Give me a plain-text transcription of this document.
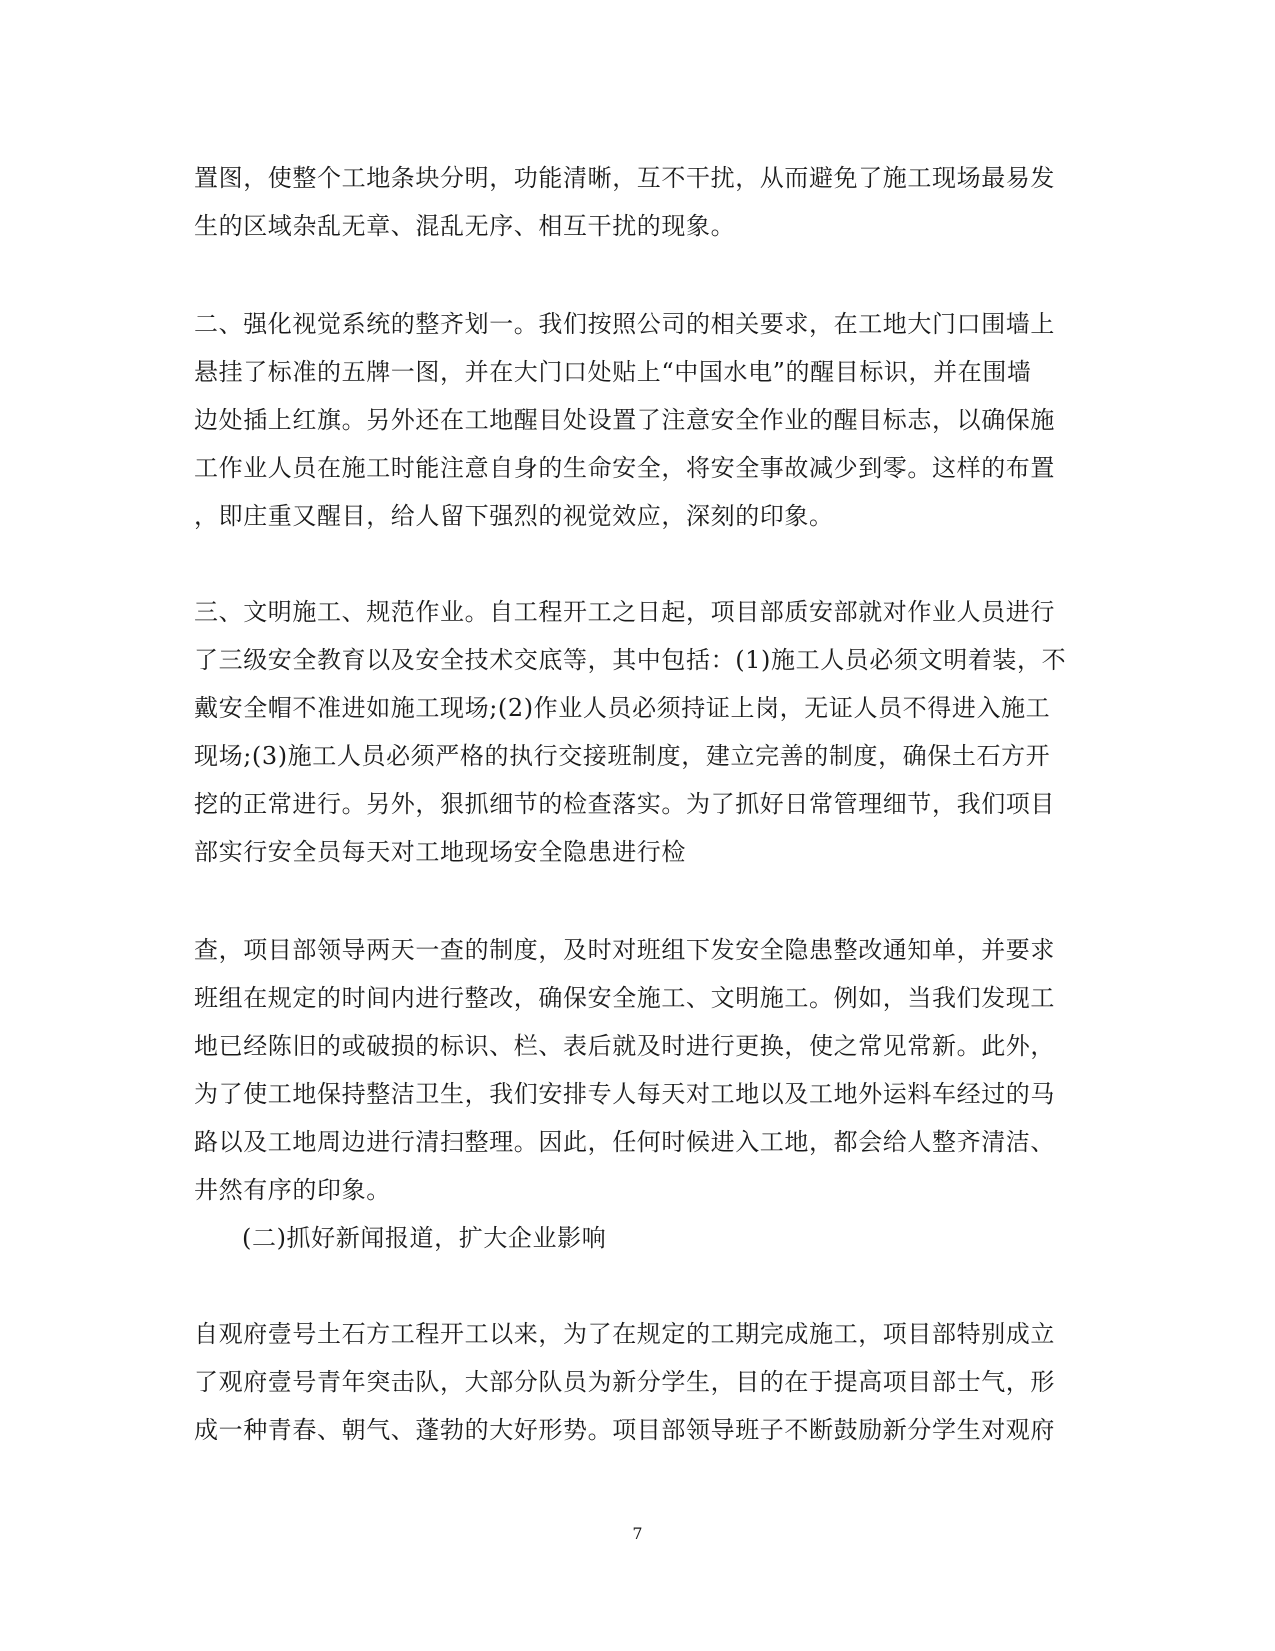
置图，使整个工地条块分明，功能清晰，互不干扰，从而避免了施工现场最易发
生的区域杂乱无章、混乱无序、相互干扰的现象。
二、强化视觉系统的整齐划一。我们按照公司的相关要求，在工地大门口围墙上
悬挂了标准的五牌一图，并在大门口处贴上“中国水电”的醒目标识，并在围墙
边处插上红旗。另外还在工地醒目处设置了注意安全作业的醒目标志，以确保施
工作业人员在施工时能注意自身的生命安全，将安全事故减少到零。这样的布置
，即庄重又醒目，给人留下强烈的视觉效应，深刻的印象。
三、文明施工、规范作业。自工程开工之日起，项目部质安部就对作业人员进行
了三级安全教育以及安全技术交底等，其中包括：(1)施工人员必须文明着装，不
戴安全帽不准进如施工现场;(2)作业人员必须持证上岗，无证人员不得进入施工
现场;(3)施工人员必须严格的执行交接班制度，建立完善的制度，确保土石方开
挖的正常进行。另外，狠抓细节的检查落实。为了抓好日常管理细节，我们项目
部实行安全员每天对工地现场安全隐患进行检
查，项目部领导两天一查的制度，及时对班组下发安全隐患整改通知单，并要求
班组在规定的时间内进行整改，确保安全施工、文明施工。例如，当我们发现工
地已经陈旧的或破损的标识、栏、表后就及时进行更换，使之常见常新。此外，
为了使工地保持整洁卫生，我们安排专人每天对工地以及工地外运料车经过的马
路以及工地周边进行清扫整理。因此，任何时候进入工地，都会给人整齐清洁、
井然有序的印象。
(二)抓好新闻报道，扩大企业影响
自观府壹号土石方工程开工以来，为了在规定的工期完成施工，项目部特别成立
了观府壹号青年突击队，大部分队员为新分学生，目的在于提高项目部士气，形
成一种青春、朝气、蓬勃的大好形势。项目部领导班子不断鼓励新分学生对观府
7
